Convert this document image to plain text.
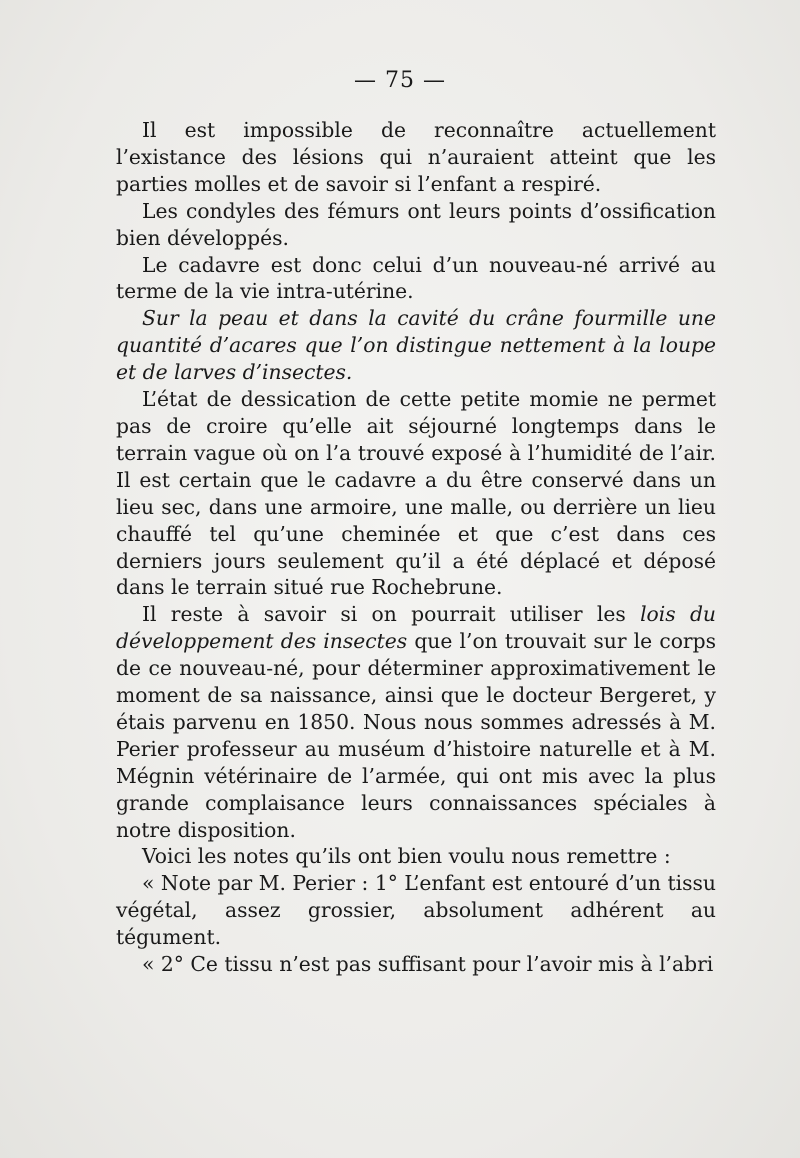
— 75 —

Il est impossible de reconnaître actuellement l’existance des lésions qui n’auraient atteint que les parties molles et de savoir si l’enfant a respiré.

Les condyles des fémurs ont leurs points d’ossification bien développés.

Le cadavre est donc celui d’un nouveau-né arrivé au terme de la vie intra-utérine.

Sur la peau et dans la cavité du crâne fourmille une quantité d’acares que l’on distingue nettement à la loupe et de larves d’insectes.

L’état de dessication de cette petite momie ne permet pas de croire qu’elle ait séjourné longtemps dans le terrain vague où on l’a trouvé exposé à l’humidité de l’air. Il est certain que le cadavre a du être conservé dans un lieu sec, dans une armoire, une malle, ou derrière un lieu chauffé tel qu’une cheminée et que c’est dans ces derniers jours seulement qu’il a été déplacé et déposé dans le terrain situé rue Rochebrune.

Il reste à savoir si on pourrait utiliser les lois du développement des insectes que l’on trouvait sur le corps de ce nouveau-né, pour déterminer approximativement le moment de sa naissance, ainsi que le docteur Bergeret, y étais parvenu en 1850. Nous nous sommes adressés à M. Perier professeur au muséum d’histoire naturelle et à M. Mégnin vétérinaire de l’armée, qui ont mis avec la plus grande complaisance leurs connaissances spéciales à notre disposition.

Voici les notes qu’ils ont bien voulu nous remettre :

« Note par M. Perier : 1° L’enfant est entouré d’un tissu végétal, assez grossier, absolument adhérent au tégument.

« 2° Ce tissu n’est pas suffisant pour l’avoir mis à l’abri
